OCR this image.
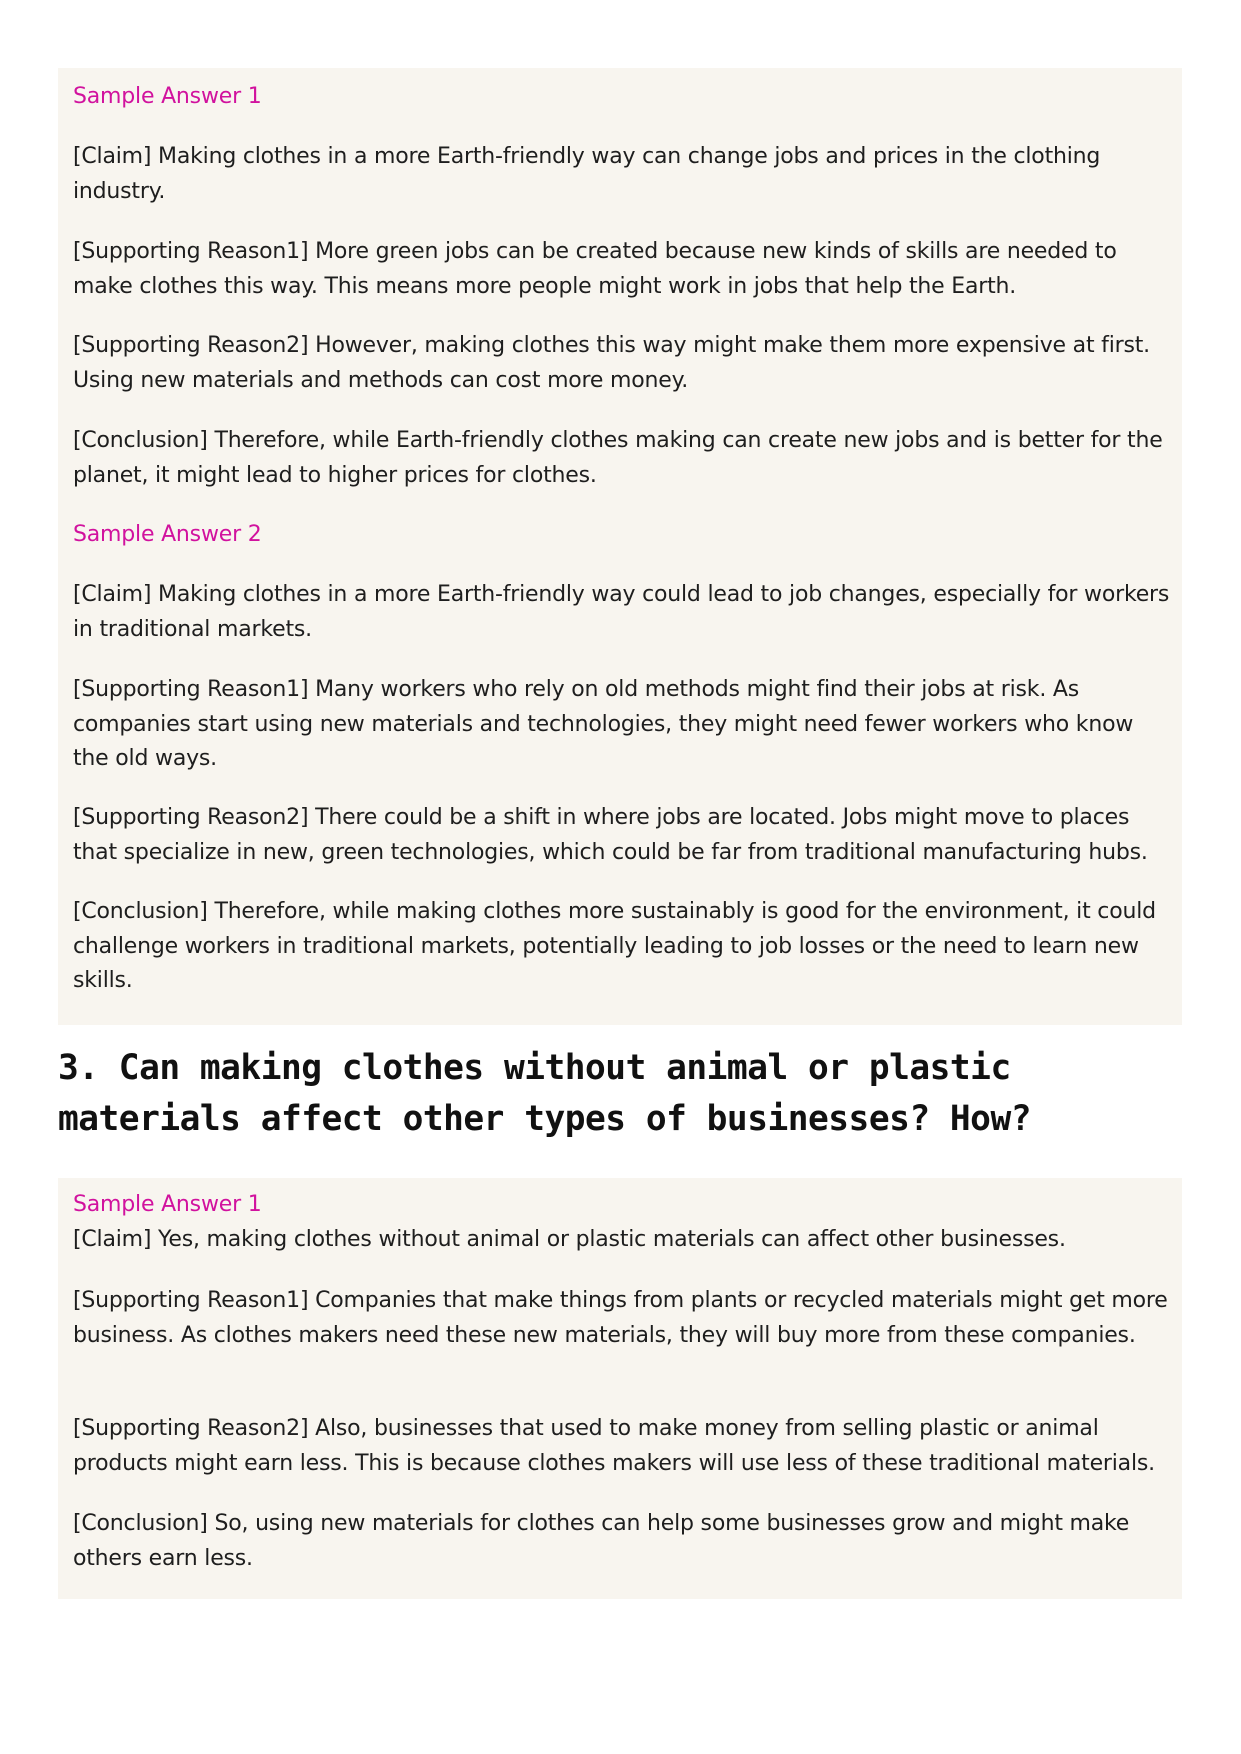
Sample Answer 1

[Claim] Making clothes in a more Earth-friendly way can change jobs and prices in the clothing industry.

[Supporting Reason1] More green jobs can be created because new kinds of skills are needed to make clothes this way. This means more people might work in jobs that help the Earth.

[Supporting Reason2] However, making clothes this way might make them more expensive at first. Using new materials and methods can cost more money.

[Conclusion] Therefore, while Earth-friendly clothes making can create new jobs and is better for the planet, it might lead to higher prices for clothes.

Sample Answer 2

[Claim] Making clothes in a more Earth-friendly way could lead to job changes, especially for workers in traditional markets.

[Supporting Reason1] Many workers who rely on old methods might find their jobs at risk. As companies start using new materials and technologies, they might need fewer workers who know the old ways.

[Supporting Reason2] There could be a shift in where jobs are located. Jobs might move to places that specialize in new, green technologies, which could be far from traditional manufacturing hubs.

[Conclusion] Therefore, while making clothes more sustainably is good for the environment, it could challenge workers in traditional markets, potentially leading to job losses or the need to learn new skills.

3. Can making clothes without animal or plastic materials affect other types of businesses? How?

Sample Answer 1

[Claim] Yes, making clothes without animal or plastic materials can affect other businesses.

[Supporting Reason1] Companies that make things from plants or recycled materials might get more business. As clothes makers need these new materials, they will buy more from these companies.

[Supporting Reason2] Also, businesses that used to make money from selling plastic or animal products might earn less. This is because clothes makers will use less of these traditional materials.

[Conclusion] So, using new materials for clothes can help some businesses grow and might make others earn less.
